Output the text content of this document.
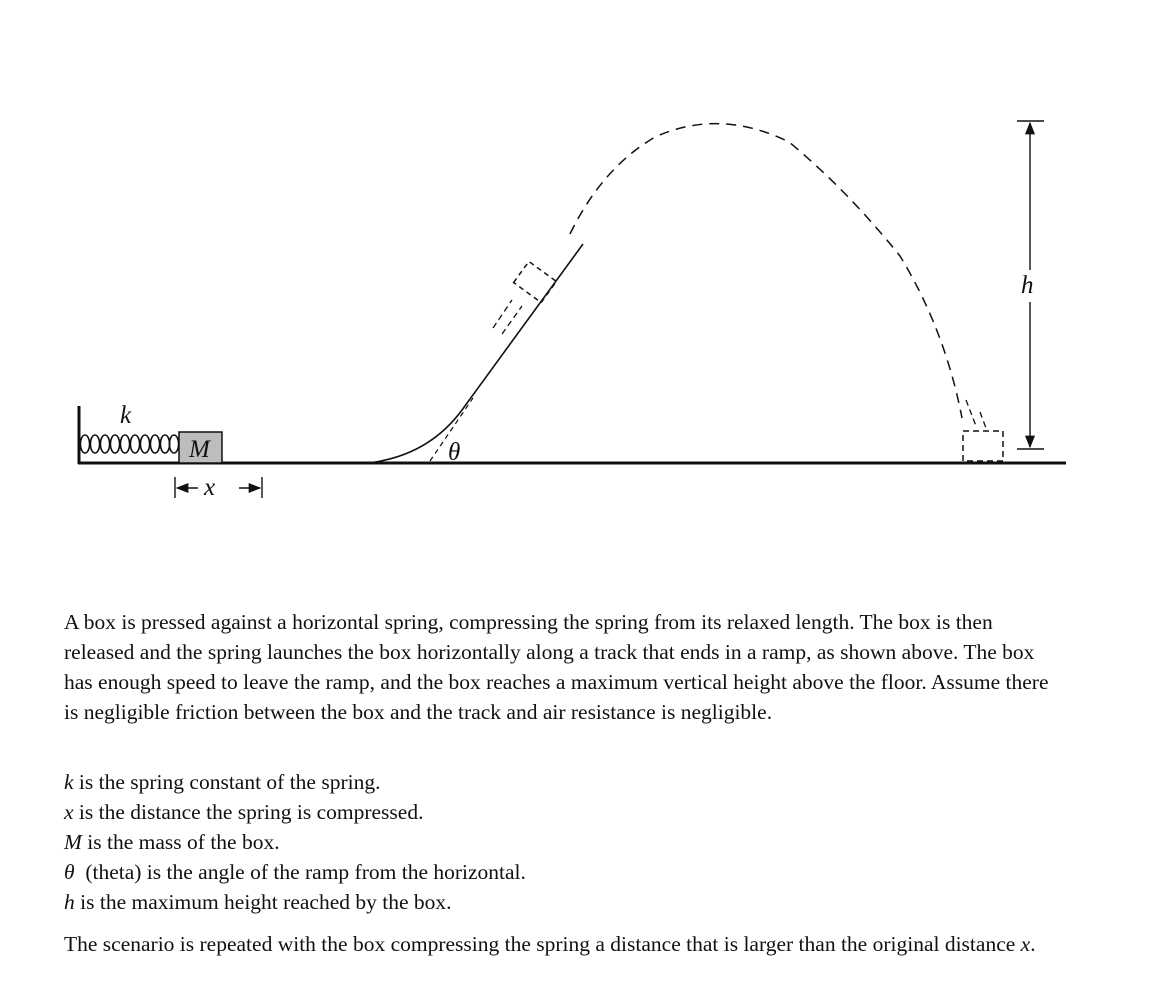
k
M
x
θ
h

A box is pressed against a horizontal spring, compressing the spring from its relaxed length. The box is then released and the spring launches the box horizontally along a track that ends in a ramp, as shown above. The box has enough speed to leave the ramp, and the box reaches a maximum vertical height above the floor. Assume there is negligible friction between the box and the track and air resistance is negligible.

k is the spring constant of the spring.
x is the distance the spring is compressed.
M is the mass of the box.
θ  (theta) is the angle of the ramp from the horizontal.
h is the maximum height reached by the box.

The scenario is repeated with the box compressing the spring a distance that is larger than the original distance x.
